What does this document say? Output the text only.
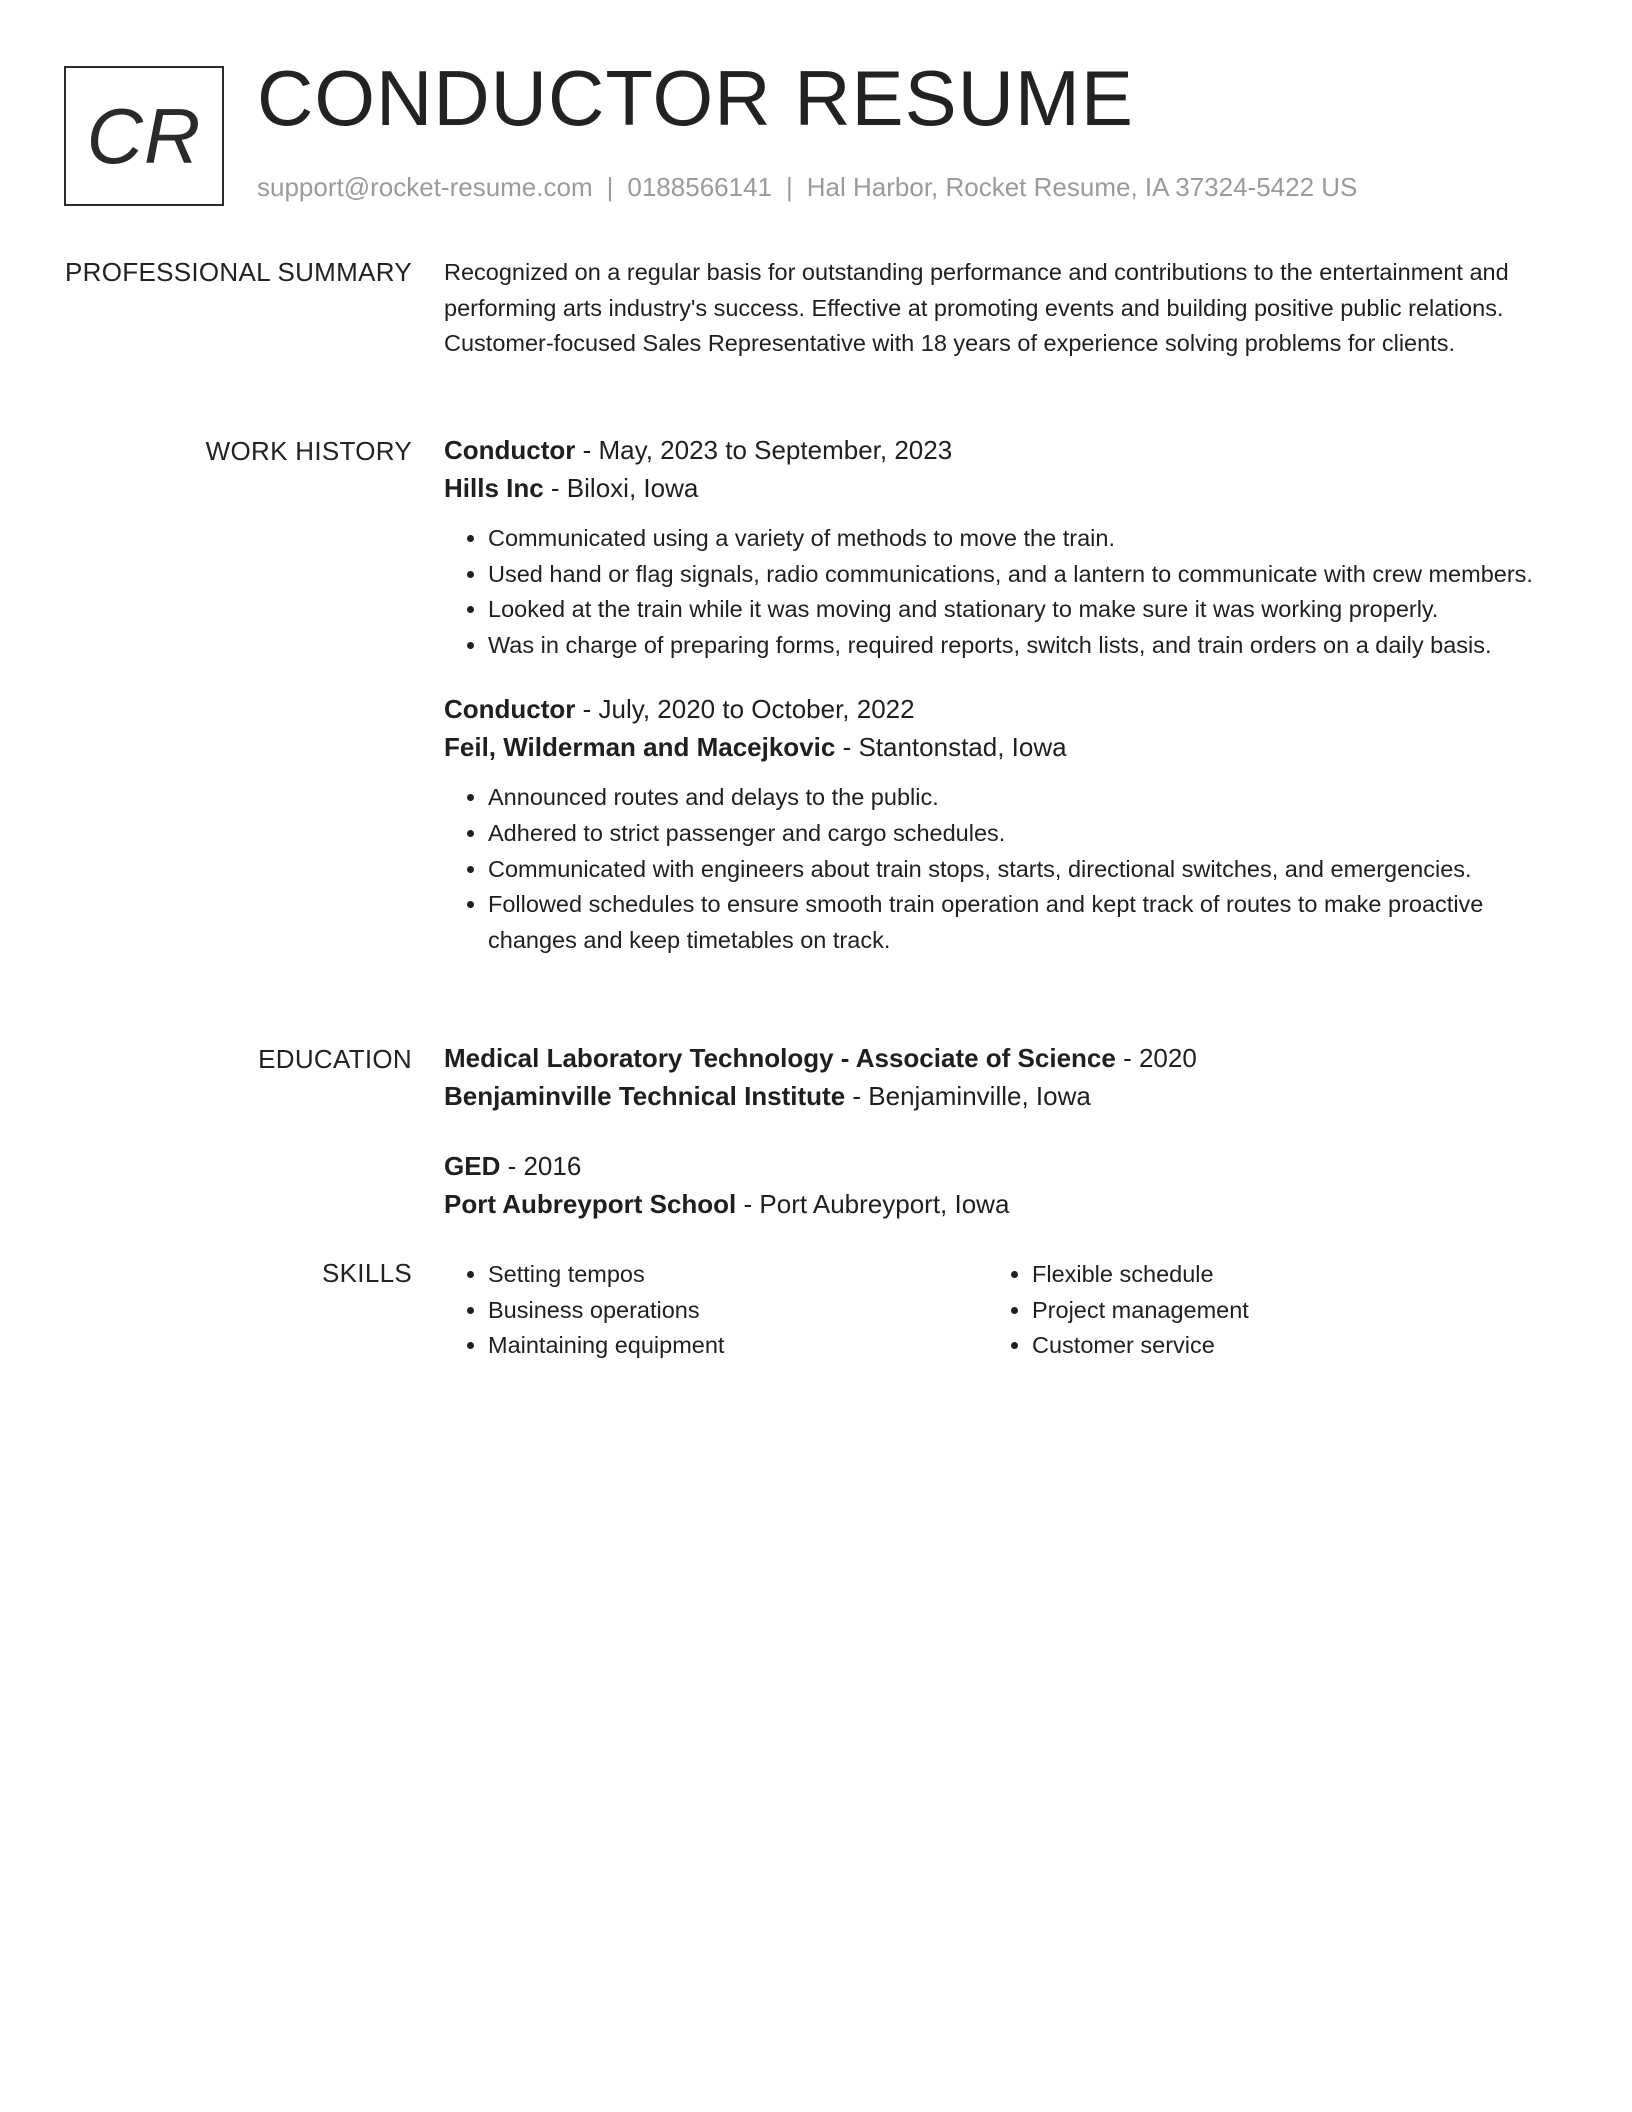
CR CONDUCTOR RESUME
support@rocket-resume.com | 0188566141 | Hal Harbor, Rocket Resume, IA 37324-5422 US
PROFESSIONAL SUMMARY Recognized on a regular basis for outstanding performance and contributions to the entertainment and performing arts industry's success. Effective at promoting events and building positive public relations. Customer-focused Sales Representative with 18 years of experience solving problems for clients.

WORK HISTORY Conductor - May, 2023 to September, 2023

Hills Inc - Biloxi, Iowa

• Communicated using a variety of methods to move the train.
• Used hand or flag signals, radio communications, and a lantern to communicate with crew members.
• Looked at the train while it was moving and stationary to make sure it was working properly.
• Was in charge of preparing forms, required reports, switch lists, and train orders on a daily basis.

Conductor - July, 2020 to October, 2022

Feil, Wilderman and Macejkovic - Stantonstad, Iowa

• Announced routes and delays to the public.
• Adhered to strict passenger and cargo schedules.
• Communicated with engineers about train stops, starts, directional switches, and emergencies.
• Followed schedules to ensure smooth train operation and kept track of routes to make proactive changes and keep timetables on track.
EDUCATION Medical Laboratory Technology - Associate of Science - 2020

Benjaminville Technical Institute - Benjaminville, Iowa

GED - 2016

Port Aubreyport School - Port Aubreyport, Iowa

SKILLS
•	Setting tempos
• Business operations
• Maintaining equipment
• Flexible schedule
• Project management
• Customer service
